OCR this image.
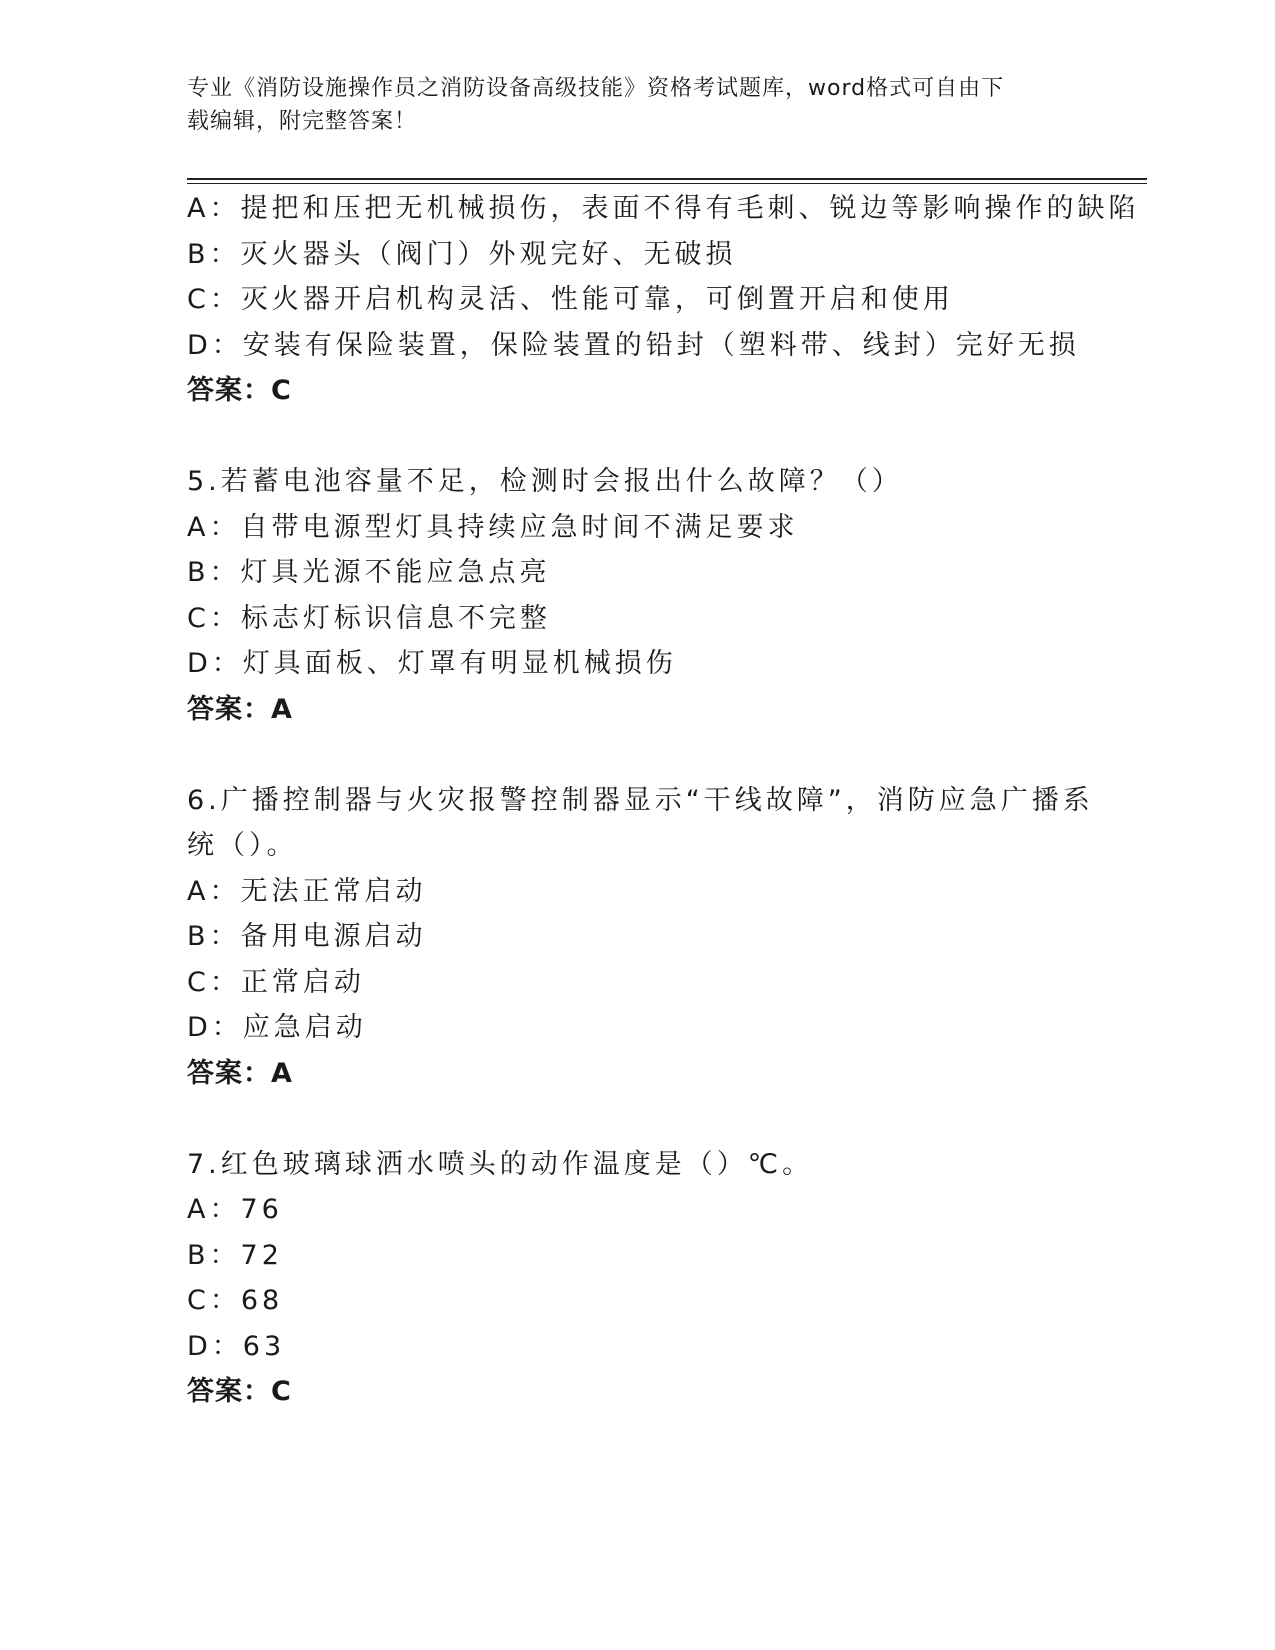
专业《消防设施操作员之消防设备高级技能》资格考试题库，word格式可自由下
载编辑，附完整答案！
A：提把和压把无机械损伤，表面不得有毛刺、锐边等影响操作的缺陷
B：灭火器头（阀门）外观完好、无破损
C：灭火器开启机构灵活、性能可靠，可倒置开启和使用
D：安装有保险装置，保险装置的铅封（塑料带、线封）完好无损
答案：C
5.若蓄电池容量不足，检测时会报出什么故障？（）
A：自带电源型灯具持续应急时间不满足要求
B：灯具光源不能应急点亮
C：标志灯标识信息不完整
D：灯具面板、灯罩有明显机械损伤
答案：A
6.广播控制器与火灾报警控制器显示“干线故障”，消防应急广播系
统（）。
A：无法正常启动
B：备用电源启动
C：正常启动
D：应急启动
答案：A
7.红色玻璃球洒水喷头的动作温度是（）℃。
A：76
B：72
C：68
D：63
答案：C
